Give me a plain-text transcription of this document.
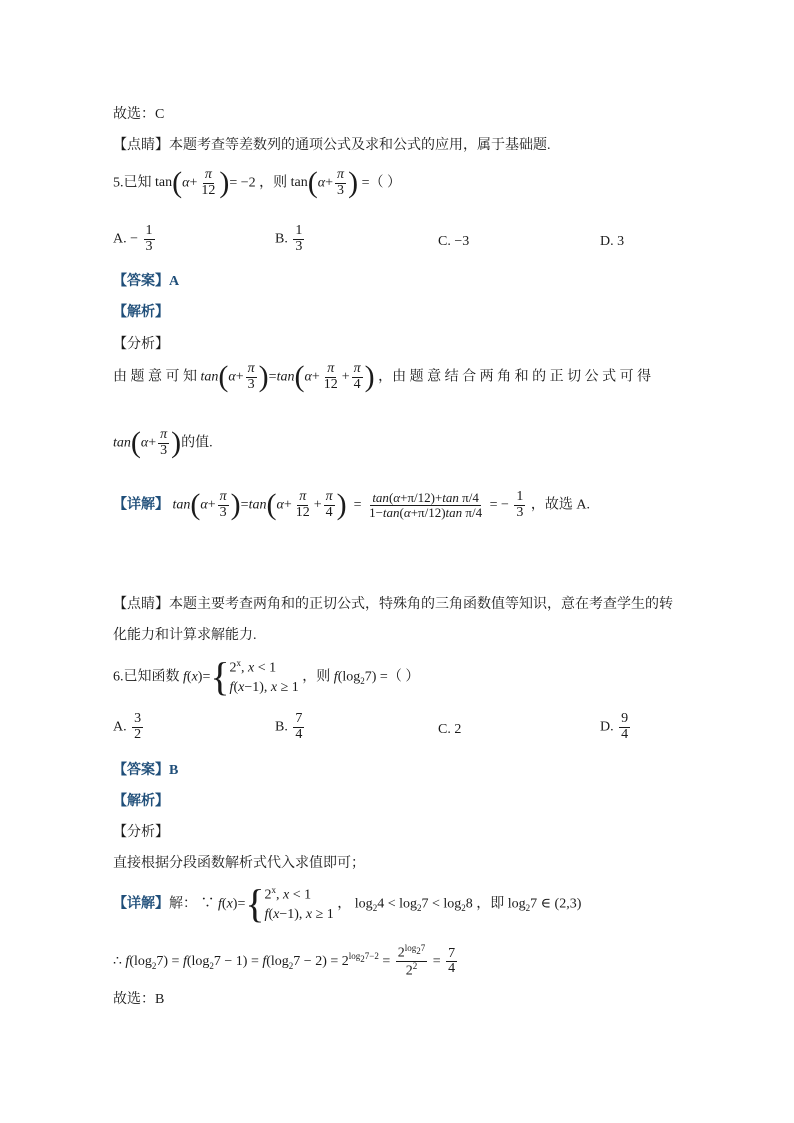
故选：C
【点睛】本题考查等差数列的通项公式及求和公式的应用，属于基础题.
5.已知 $\tan(\alpha+ \frac{\pi}{12}$ )= −2 ，则 $\tan(\alpha+ \frac{\pi}{3}$ ) =（ ）
A. − $\frac{1}{3}$	B. $\frac{1}{3}$	C. −3	D. 3
【答案】A
【解析】
【分析】
由 题 意 可 知 $\tan(\alpha+ \frac{\pi}{3} )=\tan(\alpha+ \frac{\pi}{12} + \frac{\pi}{4}$ ) ，由 题 意 结 合 两 角 和 的 正 切 公 式 可 得
$\tan(\alpha+ \frac{\pi}{3}$ )的值.
【详解】 $\tan(\alpha+ \frac{\pi}{3} )=\tan(\alpha+ \frac{\pi}{12} + \frac{\pi}{4}$ )  = $\frac{\text{tan(α+π/12)+tan π/4}}{\text{1−tan(α+π/12)tan π/4}}$ = − $\frac{1}{3}$ ，故选 A.
【点睛】本题主要考查两角和的正切公式，特殊角的三角函数值等知识，意在考查学生的转
化能力和计算求解能力.
6.已知函数 f(x)={ 2$^x$, x < 1
f(x−1), x ≥ 1
，则 $f(\log_27)$ =（ ）
A. $\frac{3}{2}$	B. $\frac{7}{4}$	C. 2	D. $\frac{9}{4}$
【答案】B
【解析】
【分析】
直接根据分段函数解析式代入求值即可；
【详解】解： ∵ f(x)={ 2$^x$, x < 1
f(x−1), x ≥ 1
， $\log_24 < \log_27 < \log_28$ ，即 $\log_27$ ∈ (2,3)
∴ $f(\log_27) = f(\log_27 - 1) = f(\log_27 - 2) = 2^{log_27-2} = \frac{2^{log_27}}{2^2} = \frac{7}{4}$
故选：B
